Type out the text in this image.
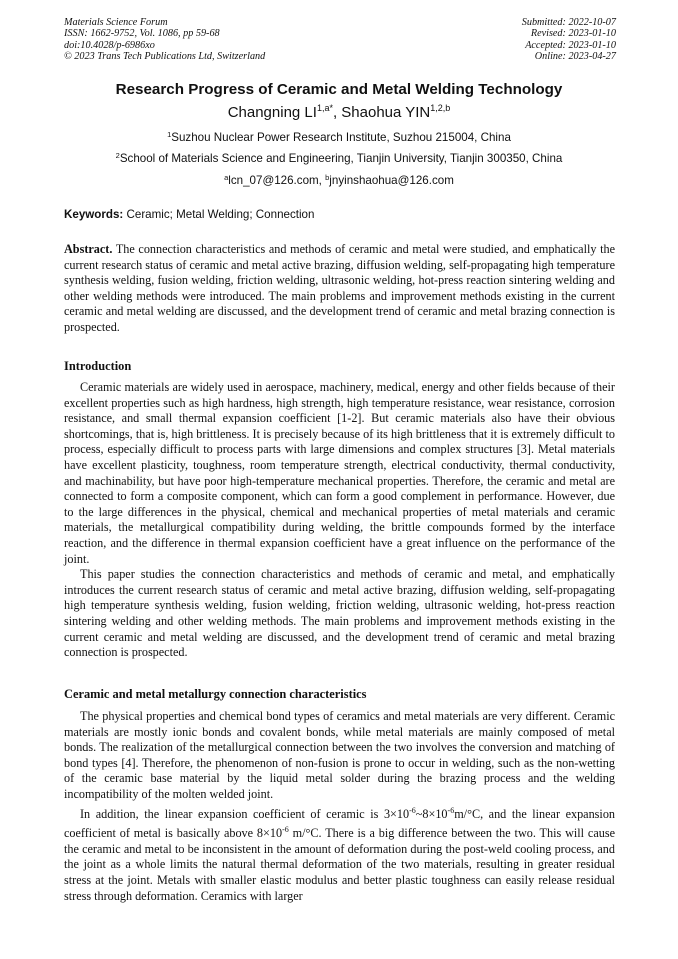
Materials Science Forum
ISSN: 1662-9752, Vol. 1086, pp 59-68
doi:10.4028/p-6986xo
© 2023 Trans Tech Publications Ltd, Switzerland
Submitted: 2022-10-07
Revised: 2023-01-10
Accepted: 2023-01-10
Online: 2023-04-27
Research Progress of Ceramic and Metal Welding Technology
Changning $LI^{1,a*}$, Shaohua YIN$^{1,2,b}$
$^1$Suzhou Nuclear Power Research Institute, Suzhou 215004, China
$^2$School of Materials Science and Engineering, Tianjin University, Tianjin 300350, China
$^a$lcn_07@126.com, $^b$jnyinshaohua@126.com
Keywords: Ceramic; Metal Welding; Connection

Abstract. The connection characteristics and methods of ceramic and metal were studied, and emphatically the current research status of ceramic and metal active brazing, diffusion welding, self-propagating high temperature synthesis welding, fusion welding, friction welding, ultrasonic welding, hot-press reaction sintering welding and other welding methods were introduced. The main problems and improvement methods existing in the current ceramic and metal welding are discussed, and the development trend of ceramic and metal brazing connection is prospected.

Introduction

Ceramic materials are widely used in aerospace, machinery, medical, energy and other fields because of their excellent properties such as high hardness, high strength, high temperature resistance, wear resistance, corrosion resistance, and small thermal expansion coefficient [1-2]. But ceramic materials also have their obvious shortcomings, that is, high brittleness. It is precisely because of its high brittleness that it is extremely difficult to process, especially difficult to process parts with large dimensions and complex structures [3]. Metal materials have excellent plasticity, toughness, room temperature strength, electrical conductivity, thermal conductivity, and machinability, but have poor high-temperature mechanical properties. Therefore, the ceramic and metal are connected to form a composite component, which can form a good complement in performance. However, due to the large differences in the physical, chemical and mechanical properties of metal materials and ceramic materials, the metallurgical compatibility during welding, the brittle compounds formed by the interface reaction, and the difference in thermal expansion coefficient have a great influence on the performance of the joint.

This paper studies the connection characteristics and methods of ceramic and metal, and emphatically introduces the current research status of ceramic and metal active brazing, diffusion welding, self-propagating high temperature synthesis welding, fusion welding, friction welding, ultrasonic welding, hot-press reaction sintering welding and other welding methods. The main problems and improvement methods existing in the current ceramic and metal welding are discussed, and the development trend of ceramic and metal brazing connection is prospected.

Ceramic and metal metallurgy connection characteristics

The physical properties and chemical bond types of ceramics and metal materials are very different. Ceramic materials are mostly ionic bonds and covalent bonds, while metal materials are mainly composed of metal bonds. The realization of the metallurgical connection between the two involves the conversion and matching of bond types [4]. Therefore, the phenomenon of non-fusion is prone to occur in welding, such as the non-wetting of the ceramic base material by the liquid metal solder during the brazing process and the welding incompatibility of the molten welded joint.

In addition, the linear expansion coefficient of ceramic is $3\times 10^{-6}\sim 8\times 10^{-6}m/^\circ C$, and the linear expansion coefficient of metal is basically above $8\times 10^{-6}$ m/°C. There is a big difference between the two. This will cause the ceramic and metal to be inconsistent in the amount of deformation during the post-weld cooling process, and the joint as a whole limits the natural thermal deformation of the two materials, resulting in greater residual stress at the joint. Metals with smaller elastic modulus and better plastic toughness can easily release residual stress through deformation. Ceramics with larger
